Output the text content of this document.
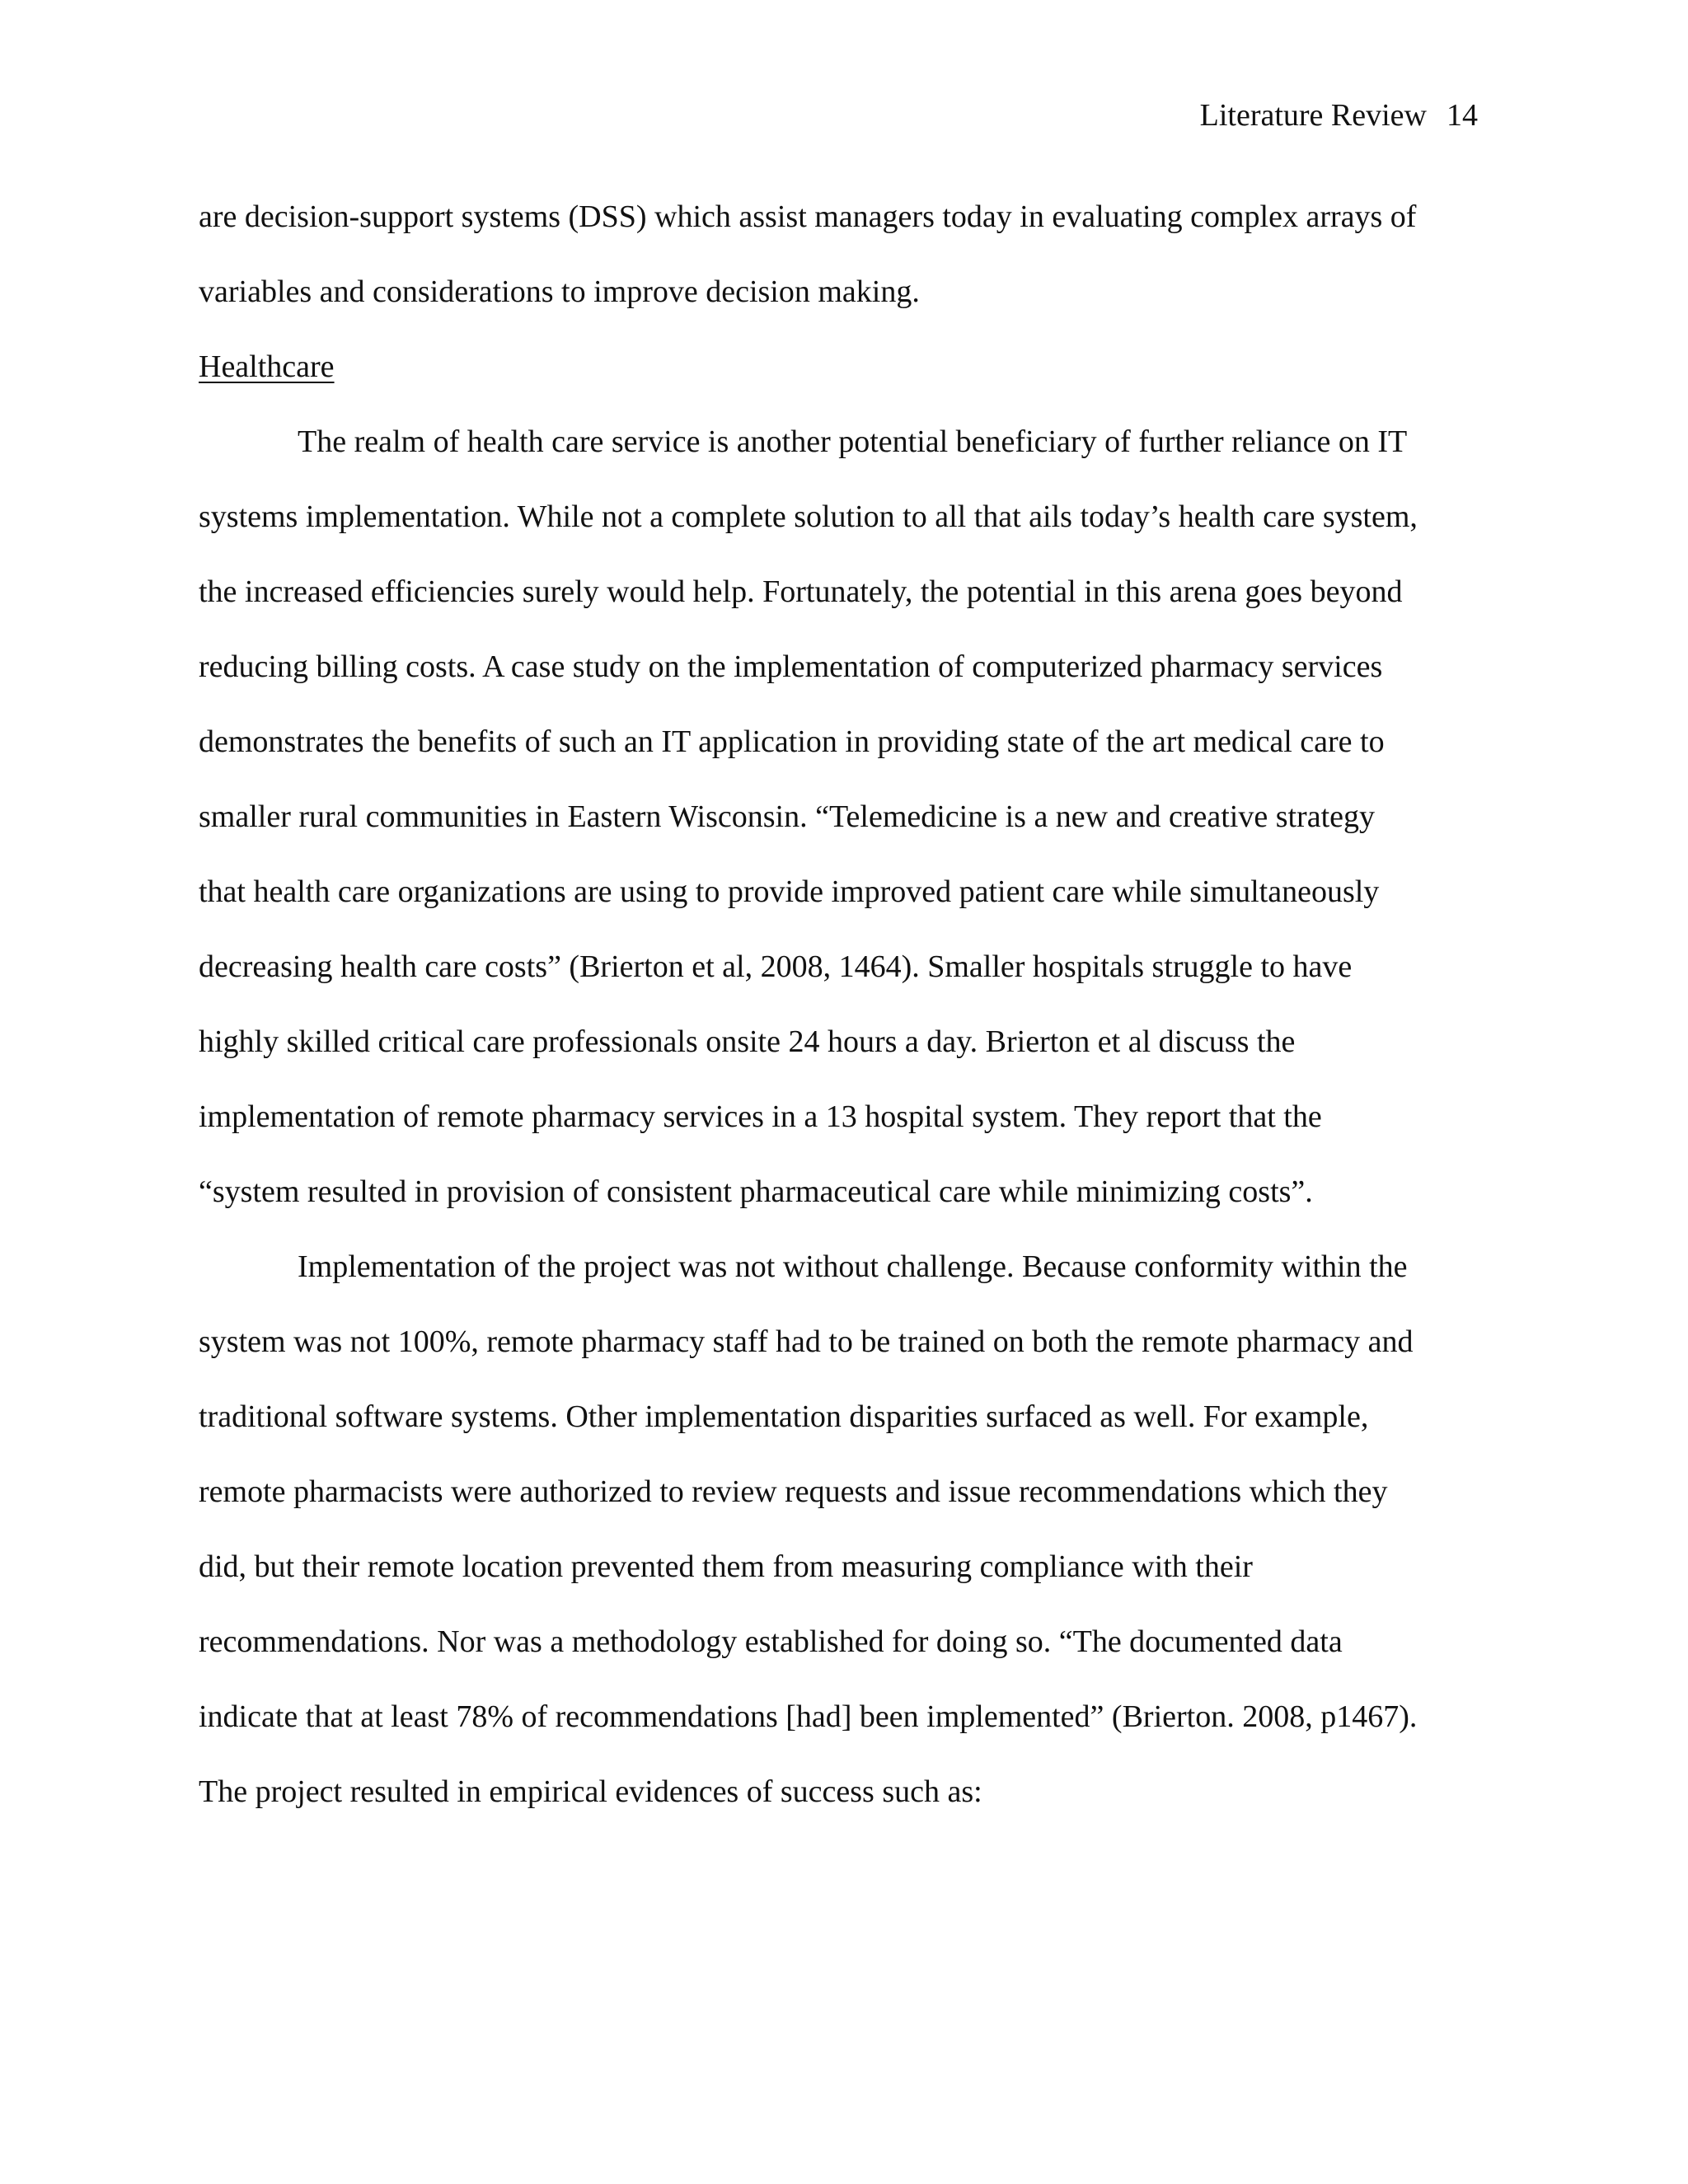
Literature Review 14
are decision-support systems (DSS) which assist managers today in evaluating complex arrays of
variables and considerations to improve decision making.
Healthcare
The realm of health care service is another potential beneficiary of further reliance on IT
systems implementation. While not a complete solution to all that ails today’s health care system,
the increased efficiencies surely would help. Fortunately, the potential in this arena goes beyond
reducing billing costs. A case study on the implementation of computerized pharmacy services
demonstrates the benefits of such an IT application in providing state of the art medical care to
smaller rural communities in Eastern Wisconsin. “Telemedicine is a new and creative strategy
that health care organizations are using to provide improved patient care while simultaneously
decreasing health care costs” (Brierton et al, 2008, 1464). Smaller hospitals struggle to have
highly skilled critical care professionals onsite 24 hours a day. Brierton et al discuss the
implementation of remote pharmacy services in a 13 hospital system. They report that the
“system resulted in provision of consistent pharmaceutical care while minimizing costs”.
Implementation of the project was not without challenge. Because conformity within the
system was not 100%, remote pharmacy staff had to be trained on both the remote pharmacy and
traditional software systems. Other implementation disparities surfaced as well. For example,
remote pharmacists were authorized to review requests and issue recommendations which they
did, but their remote location prevented them from measuring compliance with their
recommendations. Nor was a methodology established for doing so. “The documented data
indicate that at least 78% of recommendations [had] been implemented” (Brierton. 2008, p1467).
The project resulted in empirical evidences of success such as:
